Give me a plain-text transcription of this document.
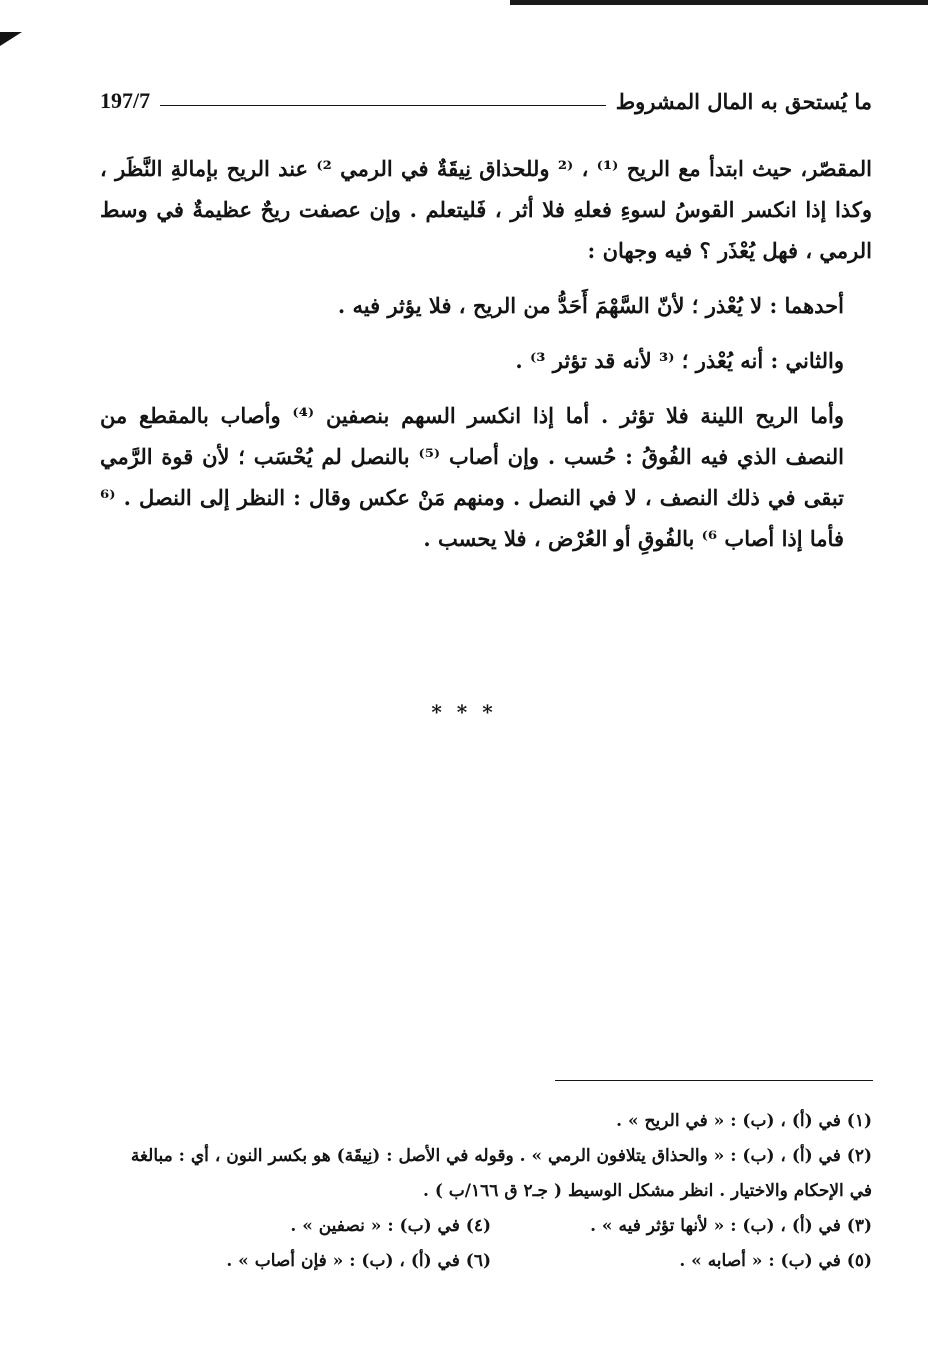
ما يُستحق به المال المشروط
197/7

المقصّر، حيث ابتدأ مع الريح ⁽¹⁾ ، ⁽² وللحذاق نِيقَةٌ في الرمي ²⁾ عند الريح بإمالةِ النَّظَر ، وكذا إذا انكسر القوسُ لسوءِ فعلهِ فلا أثر ، فَليتعلم . وإن عصفت ريحٌ عظيمةٌ في وسط الرمي ، فهل يُعْذَر ؟ فيه وجهان :

أحدهما : لا يُعْذر ؛ لأنّ السَّهْمَ أَحَدُّ من الريح ، فلا يؤثر فيه .

والثاني : أنه يُعْذر ؛ ⁽³ لأنه قد تؤثر ³⁾ .

وأما الريح اللينة فلا تؤثر . أما إذا انكسر السهم بنصفين ⁽⁴⁾ وأصاب بالمقطع من النصف الذي فيه الفُوقُ : حُسب . وإن أصاب ⁽⁵⁾ بالنصل لم يُحْسَب ؛ لأن قوة الرَّمي تبقى في ذلك النصف ، لا في النصل . ومنهم مَنْ عكس وقال : النظر إلى النصل . ⁽⁶ فأما إذا أصاب ⁶⁾ بالفُوقِ أو العُرْض ، فلا يحسب .

* * *

(١) في (أ) ، (ب) : « في الريح » .

(٢) في (أ) ، (ب) : « والحذاق يتلافون الرمي » . وقوله في الأصل : (نِيقَة) هو بكسر النون ، أي : مبالغة في الإحكام والاختيار . انظر مشكل الوسيط ( جـ٢ ق ١٦٦/ب ) .

(٣) في (أ) ، (ب) : « لأنها تؤثر فيه » .
(٤) في (ب) : « نصفين » .
(٥) في (ب) : « أصابه » .
(٦) في (أ) ، (ب) : « فإن أصاب » .
